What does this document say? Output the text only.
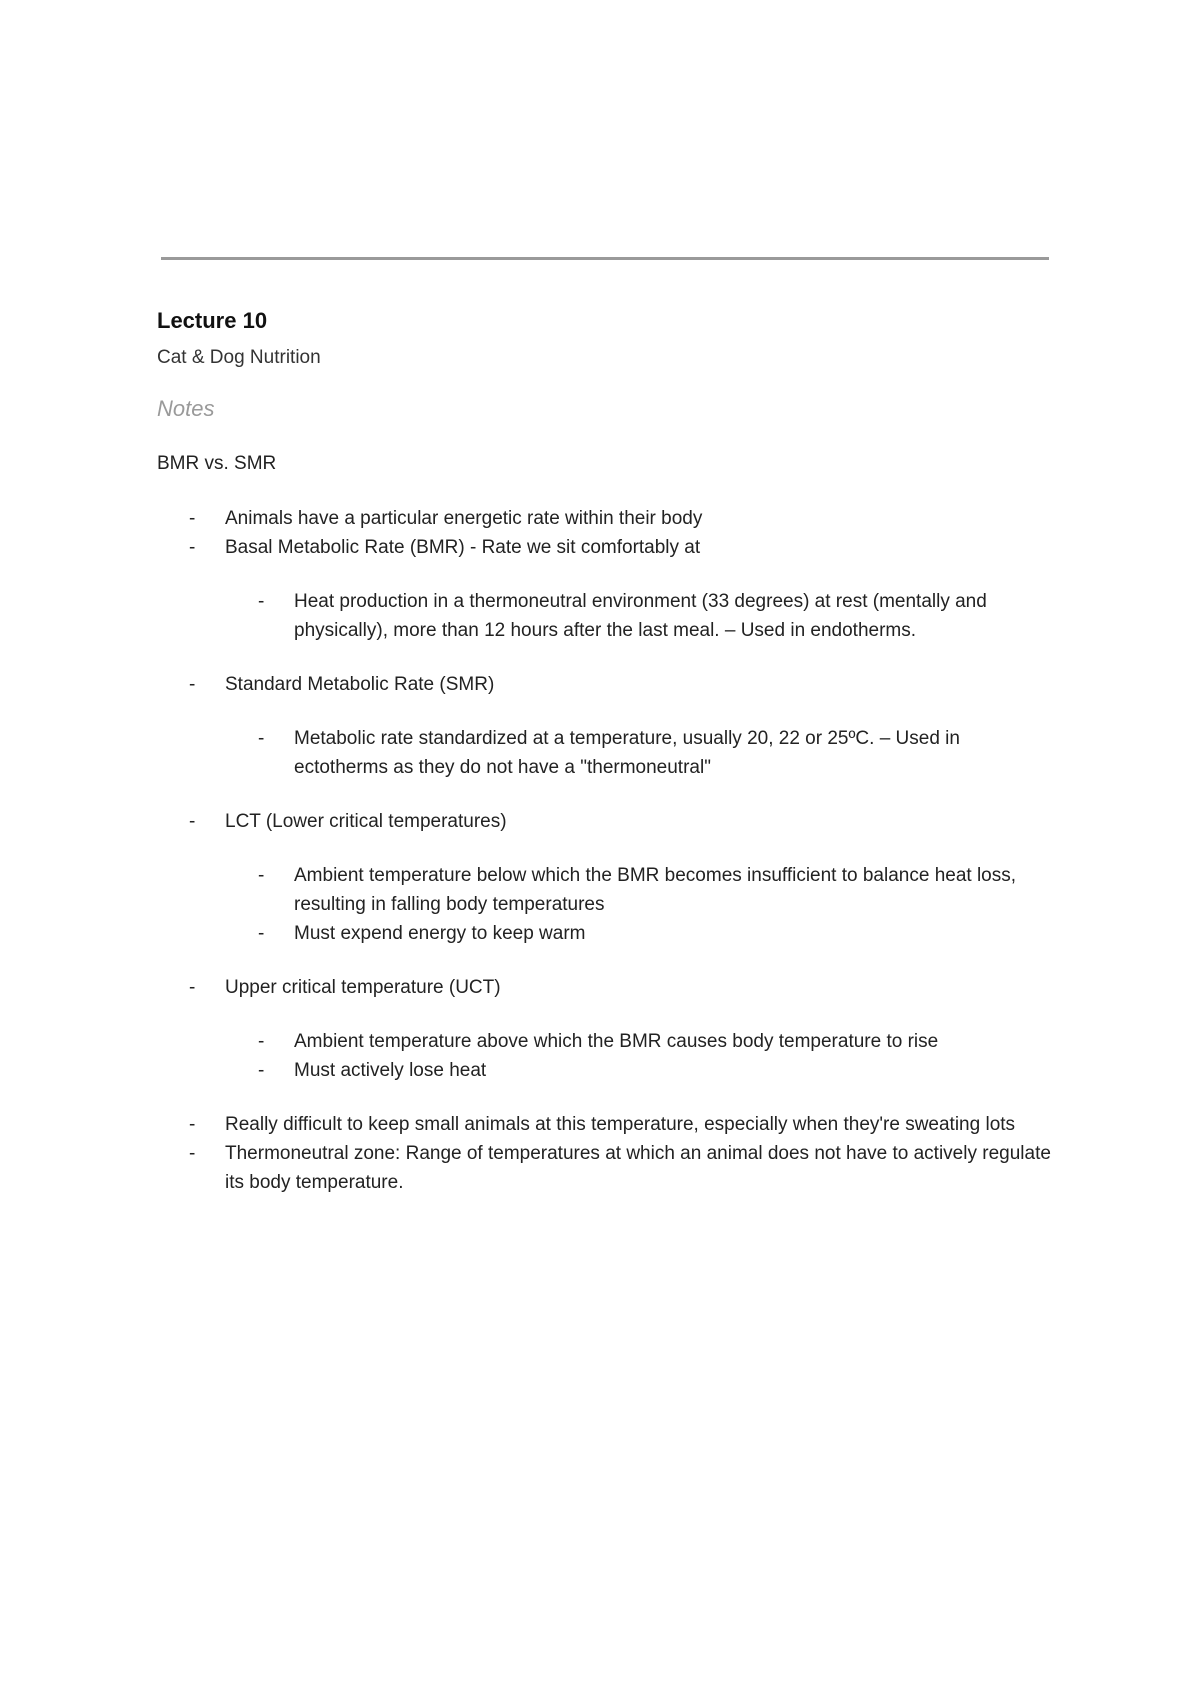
Lecture 10
Cat & Dog Nutrition
Notes
BMR vs. SMR
- Animals have a particular energetic rate within their body
- Basal Metabolic Rate (BMR) - Rate we sit comfortably at
- Heat production in a thermoneutral environment (33 degrees) at rest (mentally and physically), more than 12 hours after the last meal. – Used in endotherms.
- Standard Metabolic Rate (SMR)
- Metabolic rate standardized at a temperature, usually 20, 22 or 25ºC. – Used in ectotherms as they do not have a "thermoneutral"
- LCT (Lower critical temperatures)
- Ambient temperature below which the BMR becomes insufficient to balance heat loss, resulting in falling body temperatures
- Must expend energy to keep warm
- Upper critical temperature (UCT)
- Ambient temperature above which the BMR causes body temperature to rise
- Must actively lose heat
- Really difficult to keep small animals at this temperature, especially when they're sweating lots
- Thermoneutral zone: Range of temperatures at which an animal does not have to actively regulate its body temperature.
